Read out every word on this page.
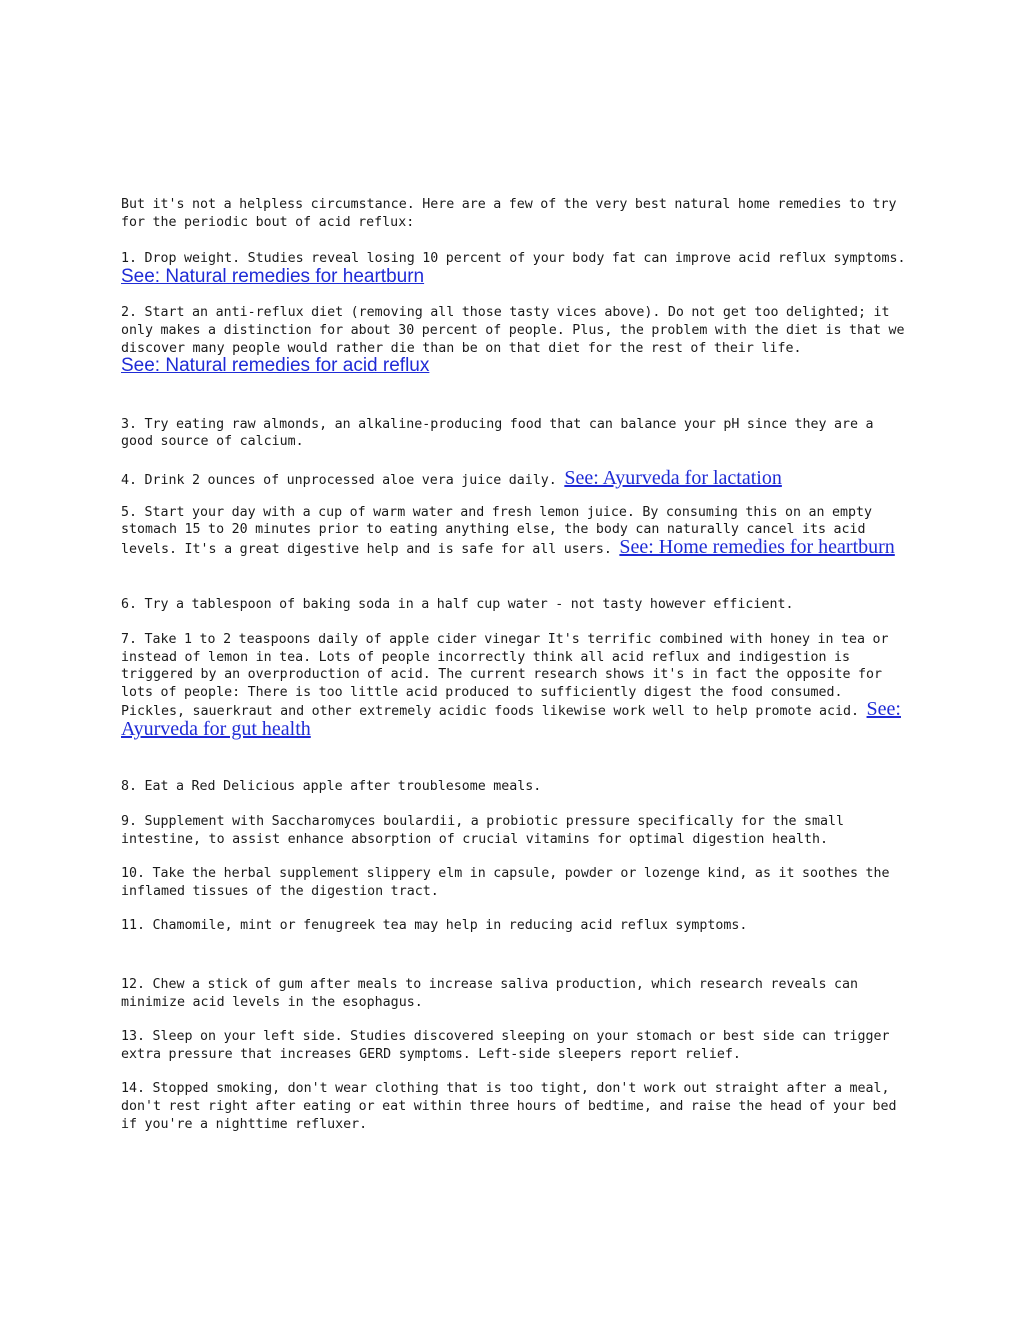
But it's not a helpless circumstance. Here are a few of the very best natural home remedies to try for the periodic bout of acid reflux:

1. Drop weight. Studies reveal losing 10 percent of your body fat can improve acid reflux symptoms. See: Natural remedies for heartburn

2. Start an anti-reflux diet (removing all those tasty vices above). Do not get too delighted; it only makes a distinction for about 30 percent of people. Plus, the problem with the diet is that we discover many people would rather die than be on that diet for the rest of their life.
See: Natural remedies for acid reflux

3. Try eating raw almonds, an alkaline-producing food that can balance your pH since they are a good source of calcium.

4. Drink 2 ounces of unprocessed aloe vera juice daily. See: Ayurveda for lactation

5. Start your day with a cup of warm water and fresh lemon juice. By consuming this on an empty stomach 15 to 20 minutes prior to eating anything else, the body can naturally cancel its acid levels. It's a great digestive help and is safe for all users. See: Home remedies for heartburn

6. Try a tablespoon of baking soda in a half cup water - not tasty however efficient.

7. Take 1 to 2 teaspoons daily of apple cider vinegar It's terrific combined with honey in tea or instead of lemon in tea. Lots of people incorrectly think all acid reflux and indigestion is triggered by an overproduction of acid. The current research shows it's in fact the opposite for lots of people: There is too little acid produced to sufficiently digest the food consumed. Pickles, sauerkraut and other extremely acidic foods likewise work well to help promote acid. See: Ayurveda for gut health

8. Eat a Red Delicious apple after troublesome meals.

9. Supplement with Saccharomyces boulardii, a probiotic pressure specifically for the small intestine, to assist enhance absorption of crucial vitamins for optimal digestion health.

10. Take the herbal supplement slippery elm in capsule, powder or lozenge kind, as it soothes the inflamed tissues of the digestion tract.

11. Chamomile, mint or fenugreek tea may help in reducing acid reflux symptoms.

12. Chew a stick of gum after meals to increase saliva production, which research reveals can minimize acid levels in the esophagus.

13. Sleep on your left side. Studies discovered sleeping on your stomach or best side can trigger extra pressure that increases GERD symptoms. Left-side sleepers report relief.

14. Stopped smoking, don't wear clothing that is too tight, don't work out straight after a meal, don't rest right after eating or eat within three hours of bedtime, and raise the head of your bed if you're a nighttime refluxer.
